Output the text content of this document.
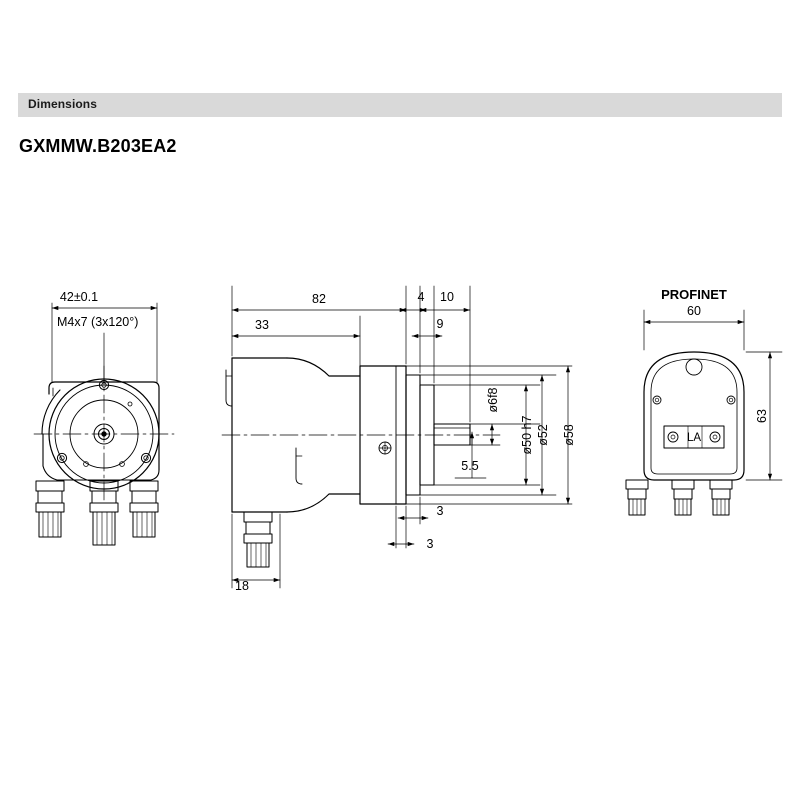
Dimensions
GXMMW.B203EA2
42±0.1
M4x7 (3x120°)
82
33
4 10
9
ø6f8
ø50 h7 ø52 ø58
5.5
3
3
18
PROFINET
60
63
LA
